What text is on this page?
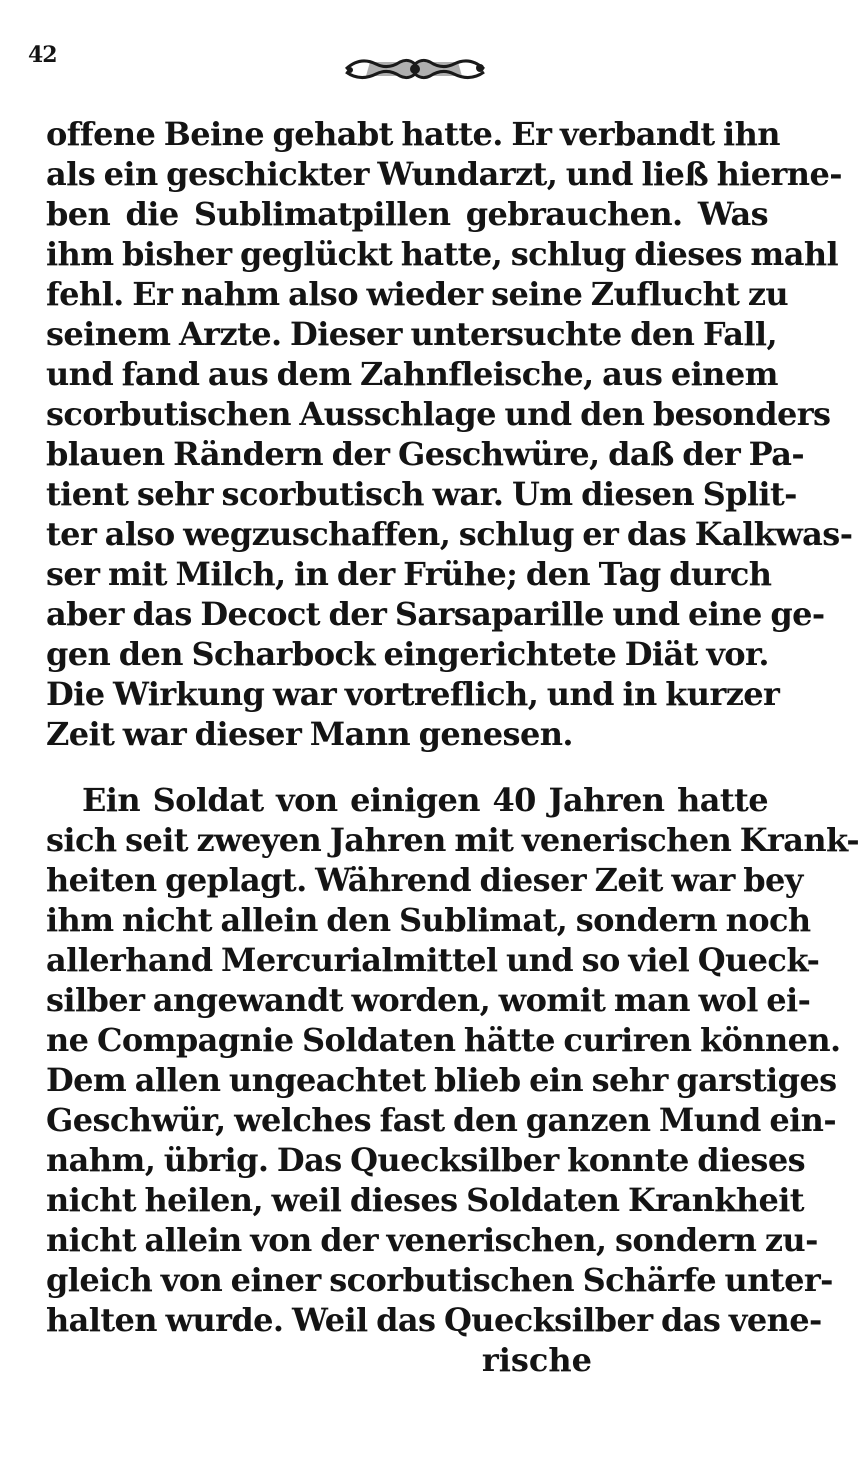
42
offene Beine gehabt hatte. Er verbandt ihn
als ein geschickter Wundarzt, und ließ hierne-
ben die Sublimatpillen gebrauchen. Was
ihm bisher geglückt hatte, schlug dieses mahl
fehl. Er nahm also wieder seine Zuflucht zu
seinem Arzte. Dieser untersuchte den Fall,
und fand aus dem Zahnfleische, aus einem
scorbutischen Ausschlage und den besonders
blauen Rändern der Geschwüre, daß der Pa-
tient sehr scorbutisch war. Um diesen Split-
ter also wegzuschaffen, schlug er das Kalkwas-
ser mit Milch, in der Frühe; den Tag durch
aber das Decoct der Sarsaparille und eine ge-
gen den Scharbock eingerichtete Diät vor.
Die Wirkung war vortreflich, und in kurzer
Zeit war dieser Mann genesen.
Ein Soldat von einigen 40 Jahren hatte
sich seit zweyen Jahren mit venerischen Krank-
heiten geplagt. Während dieser Zeit war bey
ihm nicht allein den Sublimat, sondern noch
allerhand Mercurialmittel und so viel Queck-
silber angewandt worden, womit man wol ei-
ne Compagnie Soldaten hätte curiren können.
Dem allen ungeachtet blieb ein sehr garstiges
Geschwür, welches fast den ganzen Mund ein-
nahm, übrig. Das Quecksilber konnte dieses
nicht heilen, weil dieses Soldaten Krankheit
nicht allein von der venerischen, sondern zu-
gleich von einer scorbutischen Schärfe unter-
halten wurde. Weil das Quecksilber das vene-
rische
